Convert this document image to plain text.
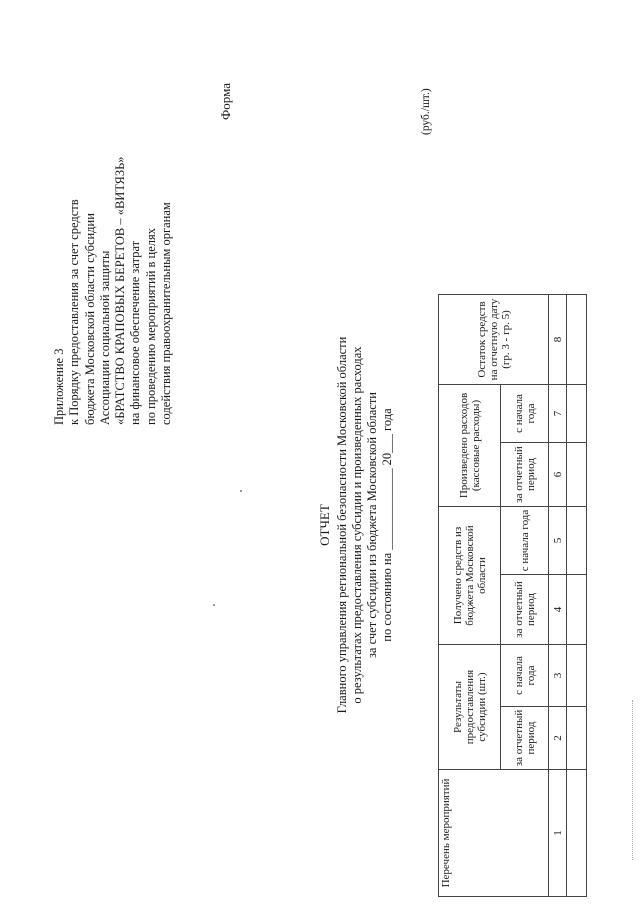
Приложение 3 к Порядку предоставления за счет средств бюджета Московской области субсидии Ассоциации социальной защиты «БРАТСТВО КРАПОВЫХ БЕРЕТОВ – «ВИТЯЗЬ» на финансовое обеспечение затрат по проведению мероприятий в целях содействия правоохранительным органам
Форма
ОТЧЕТ Главного управления региональной безопасности Московской области о результатах предоставления субсидии и произведенных расходах за счет субсидии из бюджета Московской области по состоянию на _____________ 20___ года
(руб./шт.)
Перечень мероприятий	Результаты предоставления субсидии (шт.)		Получено средств из бюджета Московской области		Произведено расходов (кассовые расходы)		Остаток средств на отчетную дату (гр. 3 - гр. 5)
	за отчетный период	с начала года	за отчетный период	с начала года	за отчетный период	с начала года	
1	2	3	4	5	6	7	8
